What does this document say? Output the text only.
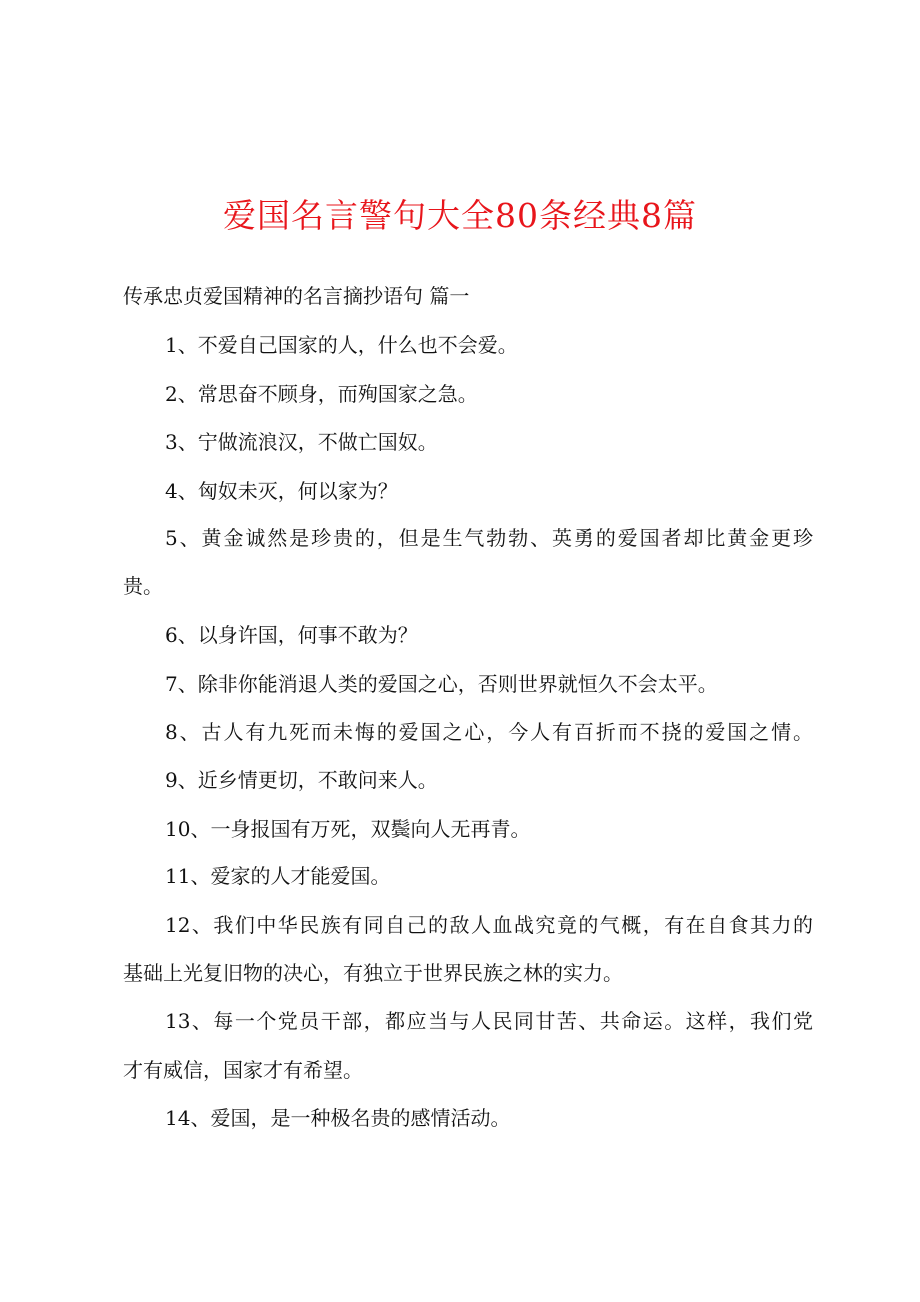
爱国名言警句大全80条经典8篇

传承忠贞爱国精神的名言摘抄语句 篇一

1、不爱自己国家的人，什么也不会爱。

2、常思奋不顾身，而殉国家之急。

3、宁做流浪汉，不做亡国奴。

4、匈奴未灭，何以家为？

5、黄金诚然是珍贵的，但是生气勃勃、英勇的爱国者却比黄金更珍

贵。

6、以身许国，何事不敢为？

7、除非你能消退人类的爱国之心，否则世界就恒久不会太平。

8、古人有九死而未悔的爱国之心，今人有百折而不挠的爱国之情。

9、近乡情更切，不敢问来人。

10、一身报国有万死，双鬓向人无再青。

11、爱家的人才能爱国。

12、我们中华民族有同自己的敌人血战究竟的气概，有在自食其力的

基础上光复旧物的决心，有独立于世界民族之林的实力。

13、每一个党员干部，都应当与人民同甘苦、共命运。这样，我们党

才有威信，国家才有希望。

14、爱国，是一种极名贵的感情活动。
